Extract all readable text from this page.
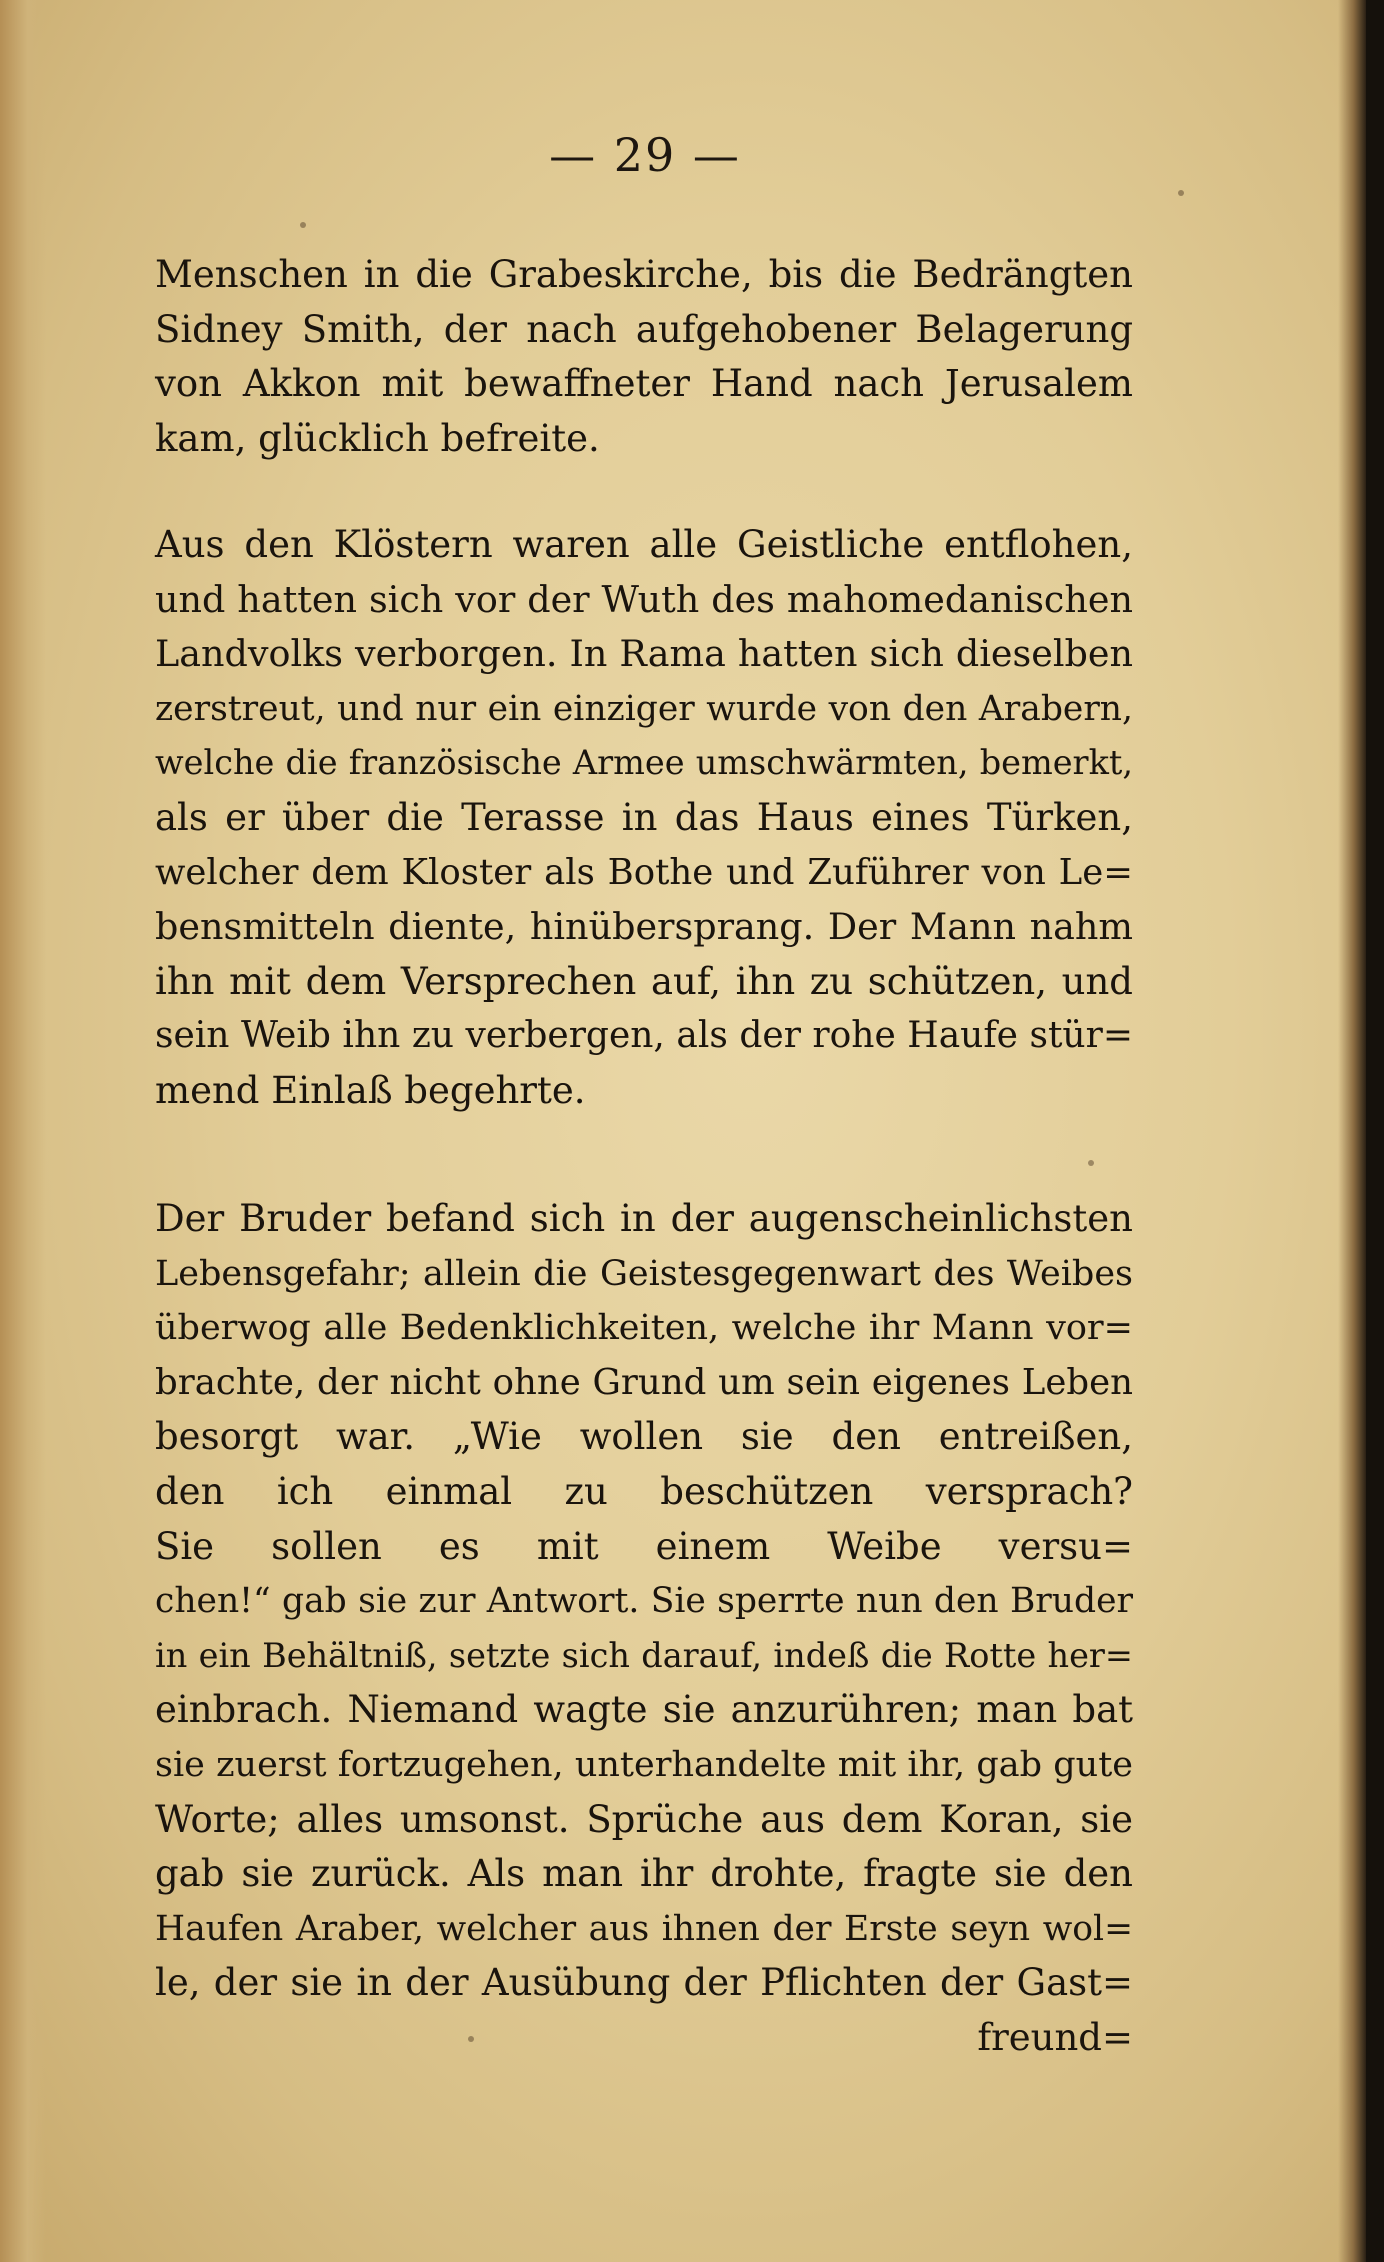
— 29 —
Menschen in die Grabeskirche, bis die Bedrängten
Sidney Smith, der nach aufgehobener Belagerung
von Akkon mit bewaffneter Hand nach Jerusalem
kam, glücklich befreite.
Aus den Klöstern waren alle Geistliche entflohen,
und hatten sich vor der Wuth des mahomedanischen
Landvolks verborgen. In Rama hatten sich dieselben
zerstreut, und nur ein einziger wurde von den Arabern,
welche die französische Armee umschwärmten, bemerkt,
als er über die Terasse in das Haus eines Türken,
welcher dem Kloster als Bothe und Zuführer von Le=
bensmitteln diente, hinübersprang. Der Mann nahm
ihn mit dem Versprechen auf, ihn zu schützen, und
sein Weib ihn zu verbergen, als der rohe Haufe stür=
mend Einlaß begehrte.
Der Bruder befand sich in der augenscheinlichsten
Lebensgefahr; allein die Geistesgegenwart des Weibes
überwog alle Bedenklichkeiten, welche ihr Mann vor=
brachte, der nicht ohne Grund um sein eigenes Leben
besorgt war. „Wie wollen sie den entreißen,
den ich einmal zu beschützen versprach?
Sie sollen es mit einem Weibe versu=
chen!“ gab sie zur Antwort. Sie sperrte nun den Bruder
in ein Behältniß, setzte sich darauf, indeß die Rotte her=
einbrach. Niemand wagte sie anzurühren; man bat
sie zuerst fortzugehen, unterhandelte mit ihr, gab gute
Worte; alles umsonst. Sprüche aus dem Koran, sie
gab sie zurück. Als man ihr drohte, fragte sie den
Haufen Araber, welcher aus ihnen der Erste seyn wol=
le, der sie in der Ausübung der Pflichten der Gast=
freund=
